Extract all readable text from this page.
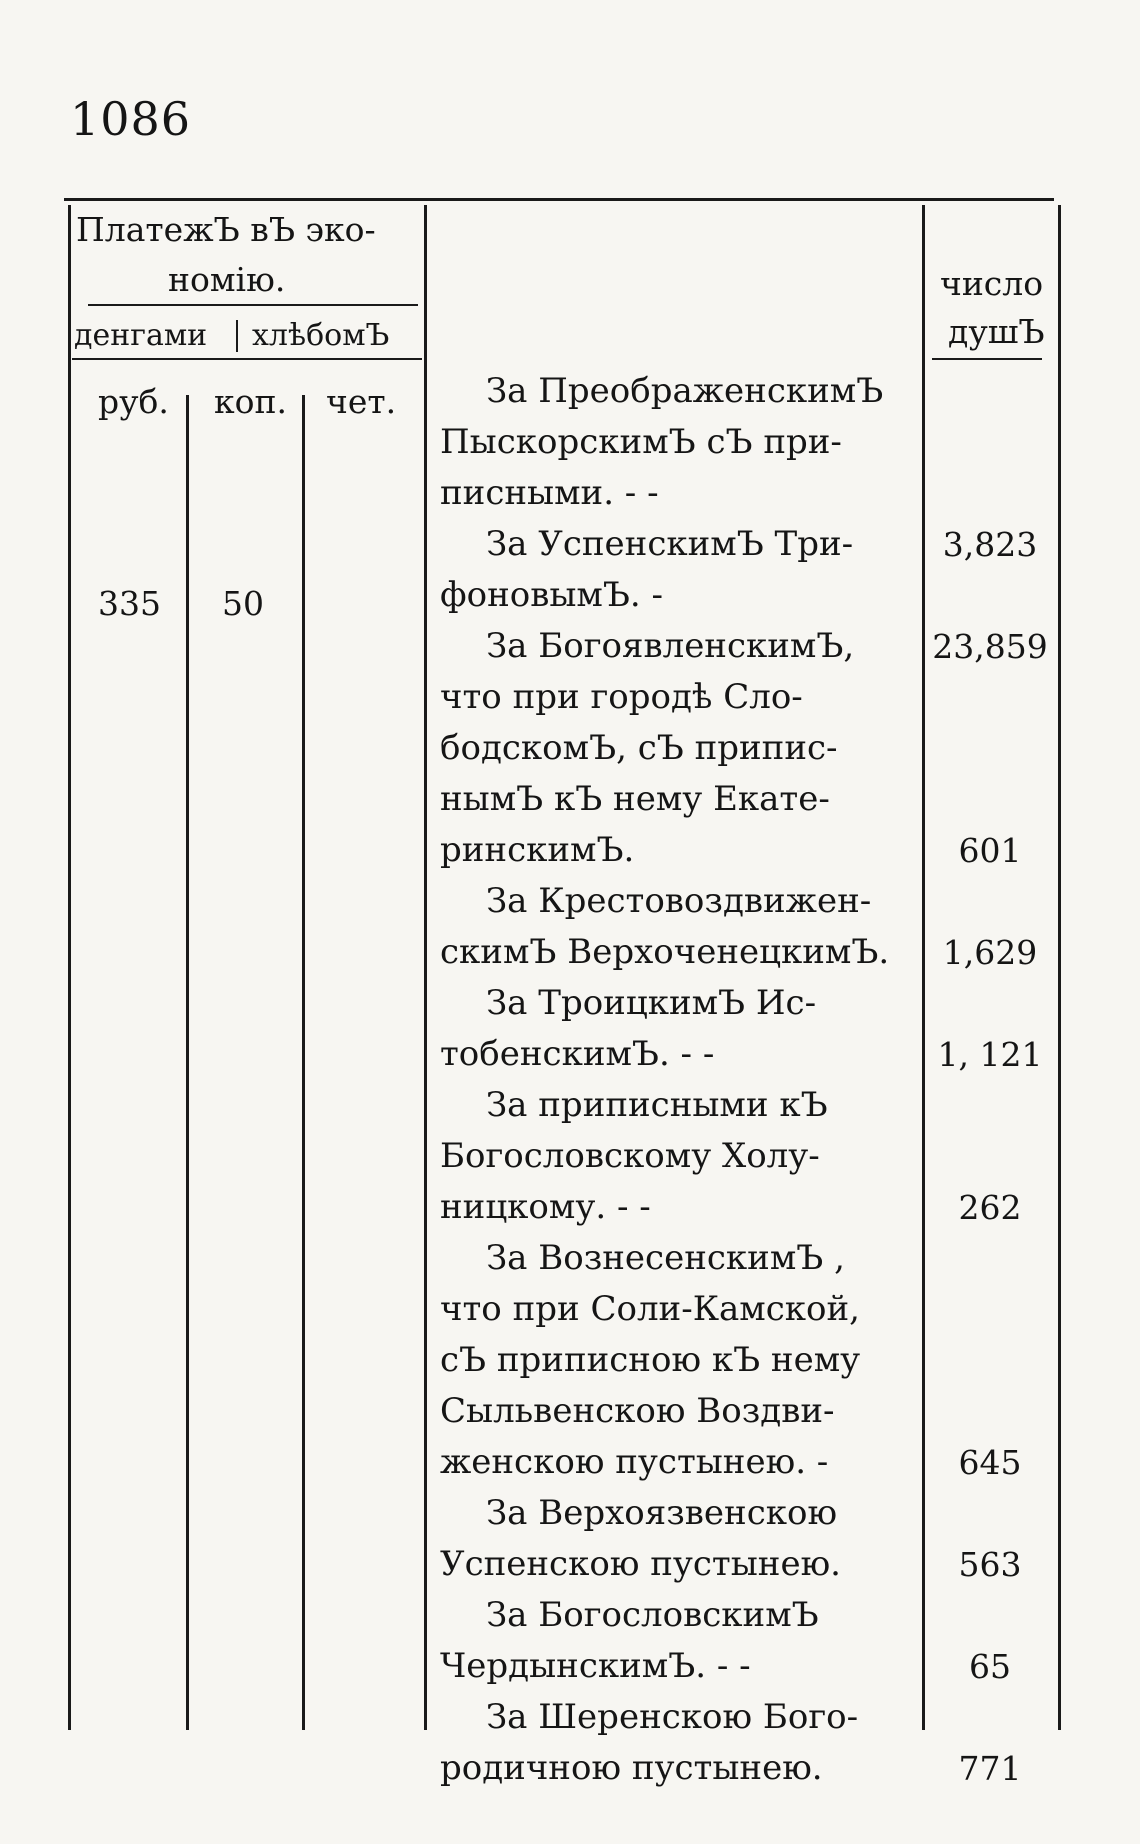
1086
ПлатежЪ вЪ эко-
номію.
денгами хлѣбомЪ
руб. коп. чет.
число
душЪ
За ПреображенскимЪ
ПыскорскимЪ сЪ при-
писными. - -
За УспенскимЪ Три-
фоновымЪ. -
3,823
335 50
За БогоявленскимЪ,
что при городѣ Сло-
бодскомЪ, сЪ припис-
нымЪ кЪ нему Екате-
ринскимЪ.
23,859
За Крестовоздвижен-
скимЪ ВерхоченецкимЪ.
601
За ТроицкимЪ Ис-
тобенскимЪ. - -
1,629
За приписными кЪ
Богословскому Холу-
ницкому. - -
1, 121
За ВознесенскимЪ ,
что при Соли-Камской,
сЪ приписною кЪ нему
Сыльвенскою Воздви-
женскою пустынею. -
262
За Верхоязвенскою
Успенскою пустынею.
645
За БогословскимЪ
ЧердынскимЪ. - -
563
За Шеренскою Бого-
родичною пустынею.
65
771
